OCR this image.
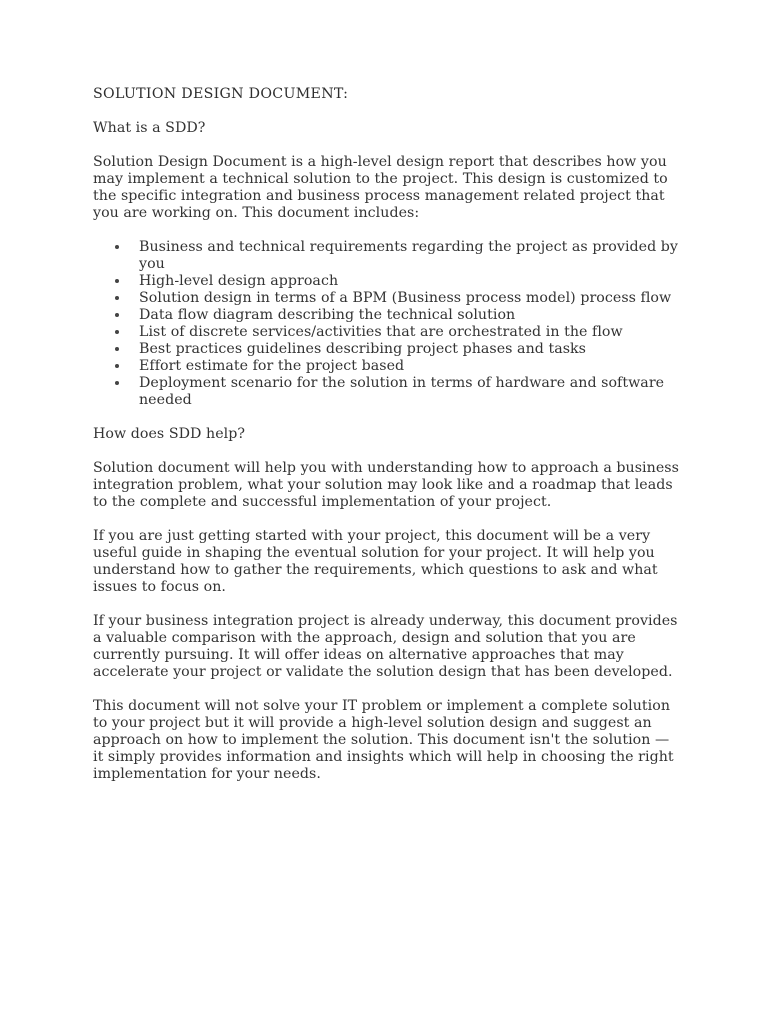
SOLUTION DESIGN DOCUMENT:

What is a SDD?

Solution Design Document is a high-level design report that describes how you may implement a technical solution to the project. This design is customized to the specific integration and business process management related project that you are working on. This document includes:

Business and technical requirements regarding the project as provided by you
High-level design approach
Solution design in terms of a BPM (Business process model) process flow
Data flow diagram describing the technical solution
List of discrete services/activities that are orchestrated in the flow
Best practices guidelines describing project phases and tasks
Effort estimate for the project based
Deployment scenario for the solution in terms of hardware and software needed

How does SDD help?

Solution document will help you with understanding how to approach a business integration problem, what your solution may look like and a roadmap that leads to the complete and successful implementation of your project.

If you are just getting started with your project, this document will be a very useful guide in shaping the eventual solution for your project. It will help you understand how to gather the requirements, which questions to ask and what issues to focus on.

If your business integration project is already underway, this document provides a valuable comparison with the approach, design and solution that you are currently pursuing. It will offer ideas on alternative approaches that may accelerate your project or validate the solution design that has been developed.

This document will not solve your IT problem or implement a complete solution to your project but it will provide a high-level solution design and suggest an approach on how to implement the solution. This document isn't the solution — it simply provides information and insights which will help in choosing the right implementation for your needs.
